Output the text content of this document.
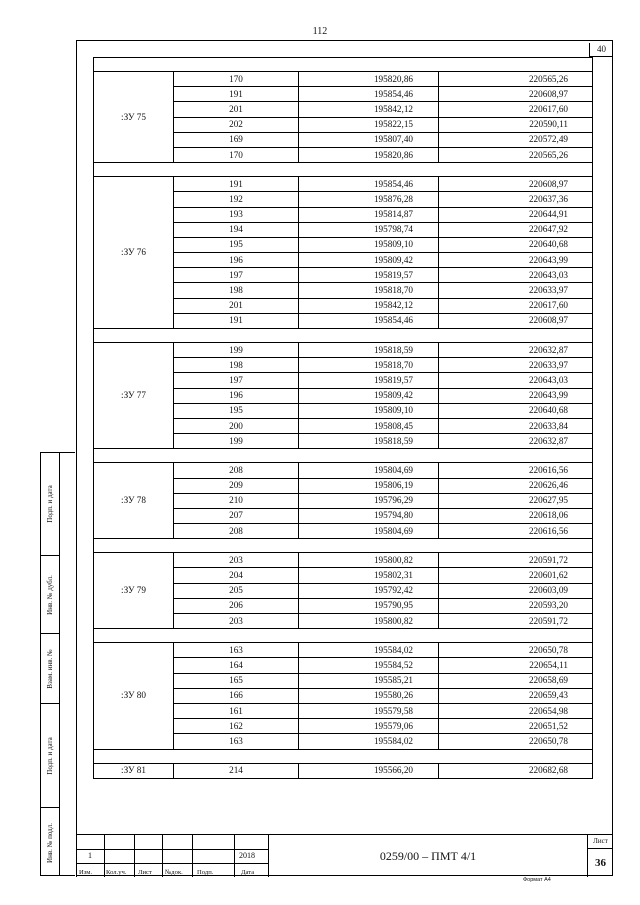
112
40

:ЗУ 75	170	195820,86	220565,26
	191	195854,46	220608,97
	201	195842,12	220617,60
	202	195822,15	220590,11
	169	195807,40	220572,49
	170	195820,86	220565,26

:ЗУ 76	191	195854,46	220608,97
	192	195876,28	220637,36
	193	195814,87	220644,91
	194	195798,74	220647,92
	195	195809,10	220640,68
	196	195809,42	220643,99
	197	195819,57	220643,03
	198	195818,70	220633,97
	201	195842,12	220617,60
	191	195854,46	220608,97

:ЗУ 77	199	195818,59	220632,87
	198	195818,70	220633,97
	197	195819,57	220643,03
	196	195809,42	220643,99
	195	195809,10	220640,68
	200	195808,45	220633,84
	199	195818,59	220632,87

:ЗУ 78	208	195804,69	220616,56
	209	195806,19	220626,46
	210	195796,29	220627,95
	207	195794,80	220618,06
	208	195804,69	220616,56

:ЗУ 79	203	195800,82	220591,72
	204	195802,31	220601,62
	205	195792,42	220603,09
	206	195790,95	220593,20
	203	195800,82	220591,72

:ЗУ 80	163	195584,02	220650,78
	164	195584,52	220654,11
	165	195585,21	220658,69
	166	195580,26	220659,43
	161	195579,58	220654,98
	162	195579,06	220651,52
	163	195584,02	220650,78

:ЗУ 81	214	195566,20	220682,68
Подп. и дата
Инв. № дубл.
Взам. инв. №
Подп. и дата
Инв. № подл.	1	2018
Изм. Кол.уч. Лист №док. Подп.	Дата
0259/00 – ПМТ 4/1
Лист
36
Формат А4
